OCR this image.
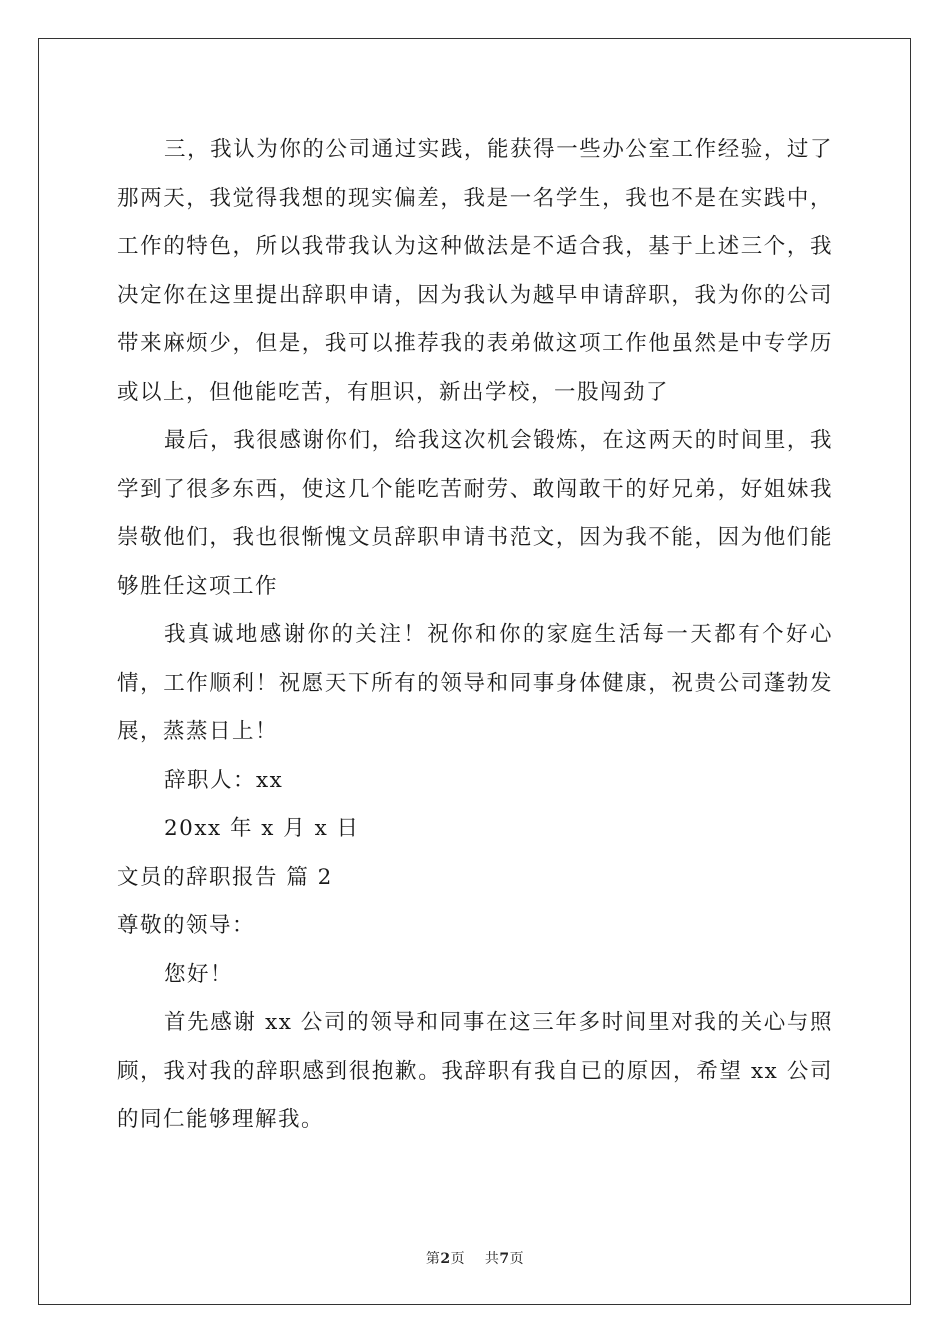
三，我认为你的公司通过实践，能获得一些办公室工作经验，过了那两天，我觉得我想的现实偏差，我是一名学生，我也不是在实践中，工作的特色，所以我带我认为这种做法是不适合我，基于上述三个，我决定你在这里提出辞职申请，因为我认为越早申请辞职，我为你的公司带来麻烦少，但是，我可以推荐我的表弟做这项工作他虽然是中专学历或以上，但他能吃苦，有胆识，新出学校，一股闯劲了

最后，我很感谢你们，给我这次机会锻炼，在这两天的时间里，我学到了很多东西，使这几个能吃苦耐劳、敢闯敢干的好兄弟，好姐妹我崇敬他们，我也很惭愧文员辞职申请书范文，因为我不能，因为他们能够胜任这项工作

我真诚地感谢你的关注！祝你和你的家庭生活每一天都有个好心情，工作顺利！祝愿天下所有的领导和同事身体健康，祝贵公司蓬勃发展，蒸蒸日上！

辞职人：xx

20xx 年 x 月 x 日

文员的辞职报告 篇 2

尊敬的领导：

您好！

首先感谢 xx 公司的领导和同事在这三年多时间里对我的关心与照顾，我对我的辞职感到很抱歉。我辞职有我自已的原因，希望 xx 公司的同仁能够理解我。

第2页 共7页
